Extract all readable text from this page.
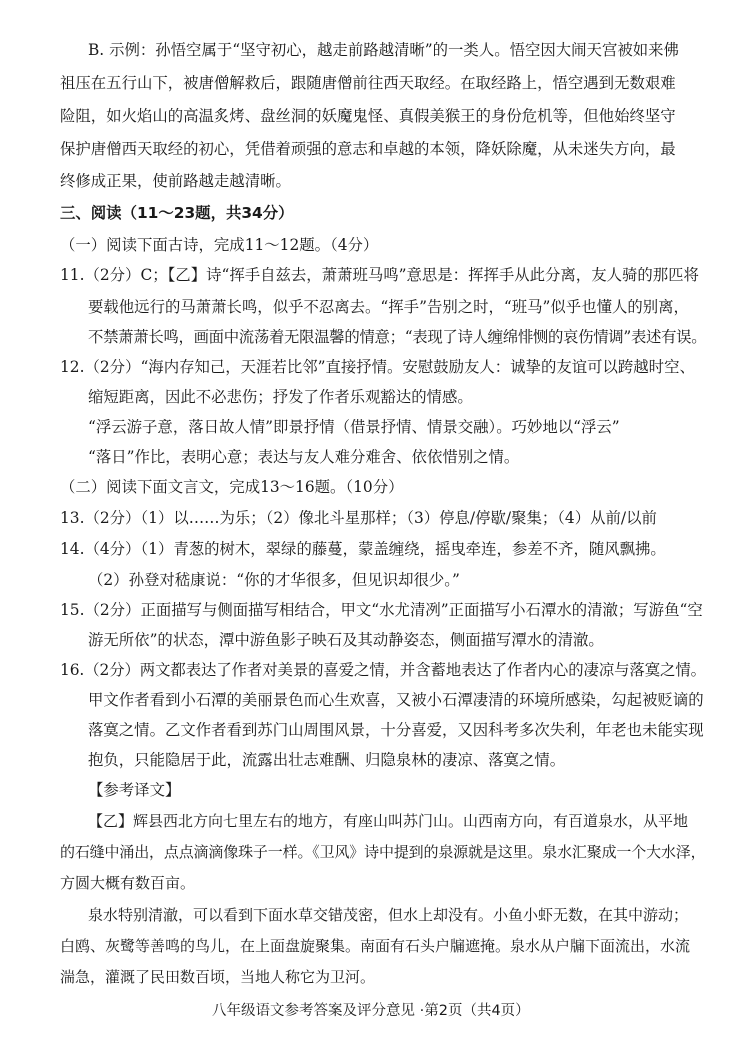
B. 示例：孙悟空属于“坚守初心，越走前路越清晰”的一类人。悟空因大闹天宫被如来佛
祖压在五行山下，被唐僧解救后，跟随唐僧前往西天取经。在取经路上，悟空遇到无数艰难
险阻，如火焰山的高温炙烤、盘丝洞的妖魔鬼怪、真假美猴王的身份危机等，但他始终坚守
保护唐僧西天取经的初心，凭借着顽强的意志和卓越的本领，降妖除魔，从未迷失方向，最
终修成正果，使前路越走越清晰。
三、阅读（11～23题，共34分）
（一）阅读下面古诗，完成11～12题。（4分）
11.（2分）C；【乙】诗“挥手自兹去，萧萧班马鸣”意思是：挥挥手从此分离，友人骑的那匹将
要载他远行的马萧萧长鸣，似乎不忍离去。“挥手”告别之时，“班马”似乎也懂人的别离，
不禁萧萧长鸣，画面中流荡着无限温馨的情意；“表现了诗人缠绵悱恻的哀伤情调”表述有误。
12.（2分）“海内存知己，天涯若比邻”直接抒情。安慰鼓励友人：诚挚的友谊可以跨越时空、
缩短距离，因此不必悲伤；抒发了作者乐观豁达的情感。
“浮云游子意，落日故人情”即景抒情（借景抒情、情景交融）。巧妙地以“浮云”
“落日”作比，表明心意；表达与友人难分难舍、依依惜别之情。
（二）阅读下面文言文，完成13～16题。（10分）
13.（2分）（1）以……为乐；（2）像北斗星那样；（3）停息/停歇/聚集；（4）从前/以前
14.（4分）（1）青葱的树木，翠绿的藤蔓，蒙盖缠绕，摇曳牵连，参差不齐，随风飘拂。
（2）孙登对嵇康说：“你的才华很多，但见识却很少。”
15.（2分）正面描写与侧面描写相结合，甲文“水尤清冽”正面描写小石潭水的清澈；写游鱼“空
游无所依”的状态，潭中游鱼影子映石及其动静姿态，侧面描写潭水的清澈。
16.（2分）两文都表达了作者对美景的喜爱之情，并含蓄地表达了作者内心的凄凉与落寞之情。
甲文作者看到小石潭的美丽景色而心生欢喜，又被小石潭凄清的环境所感染，勾起被贬谪的
落寞之情。乙文作者看到苏门山周围风景，十分喜爱，又因科考多次失利，年老也未能实现
抱负，只能隐居于此，流露出壮志难酬、归隐泉林的凄凉、落寞之情。
【参考译文】
【乙】辉县西北方向七里左右的地方，有座山叫苏门山。山西南方向，有百道泉水，从平地
的石缝中涌出，点点滴滴像珠子一样。《卫风》诗中提到的泉源就是这里。泉水汇聚成一个大水泽，
方圆大概有数百亩。
泉水特别清澈，可以看到下面水草交错茂密，但水上却没有。小鱼小虾无数，在其中游动；
白鸥、灰鹭等善鸣的鸟儿，在上面盘旋聚集。南面有石头户牖遮掩。泉水从户牖下面流出，水流
湍急，灌溉了民田数百顷，当地人称它为卫河。
八年级语文参考答案及评分意见 ·第2页（共4页）
